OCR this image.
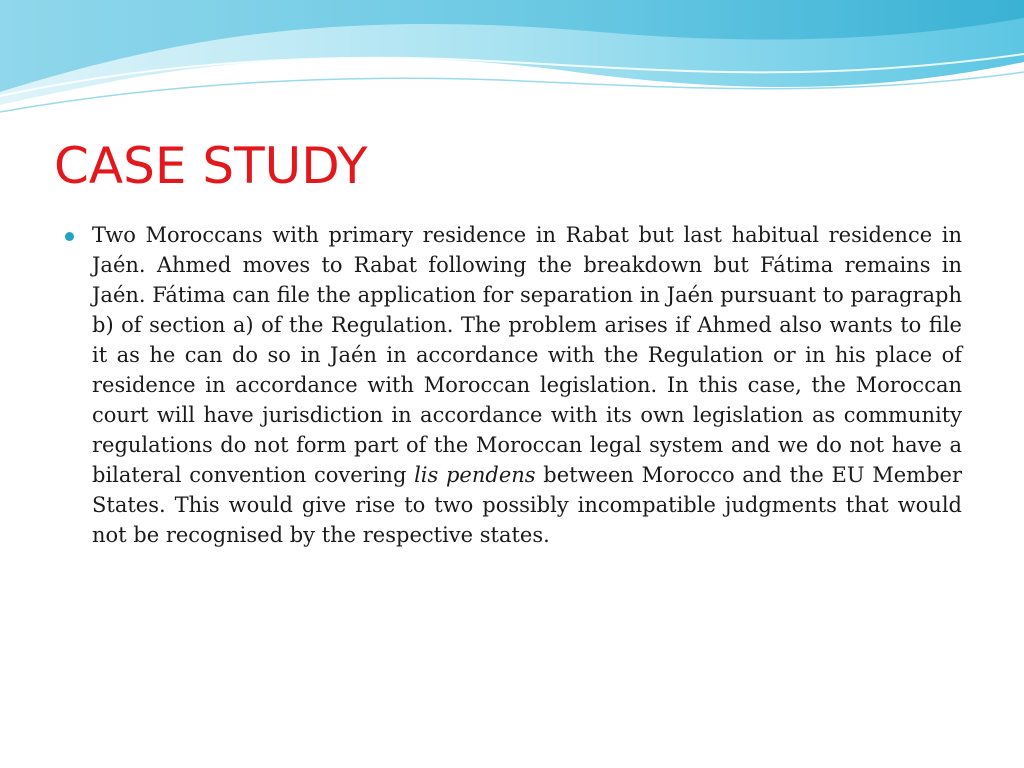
CASE STUDY

Two Moroccans with primary residence in Rabat but last habitual residence in Jaén. Ahmed moves to Rabat following the breakdown but Fátima remains in Jaén. Fátima can file the application for separation in Jaén pursuant to paragraph b) of section a) of the Regulation. The problem arises if Ahmed also wants to file it as he can do so in Jaén in accordance with the Regulation or in his place of residence in accordance with Moroccan legislation. In this case, the Moroccan court will have jurisdiction in accordance with its own legislation as community regulations do not form part of the Moroccan legal system and we do not have a bilateral convention covering lis pendens between Morocco and the EU Member States. This would give rise to two possibly incompatible judgments that would not be recognised by the respective states.
